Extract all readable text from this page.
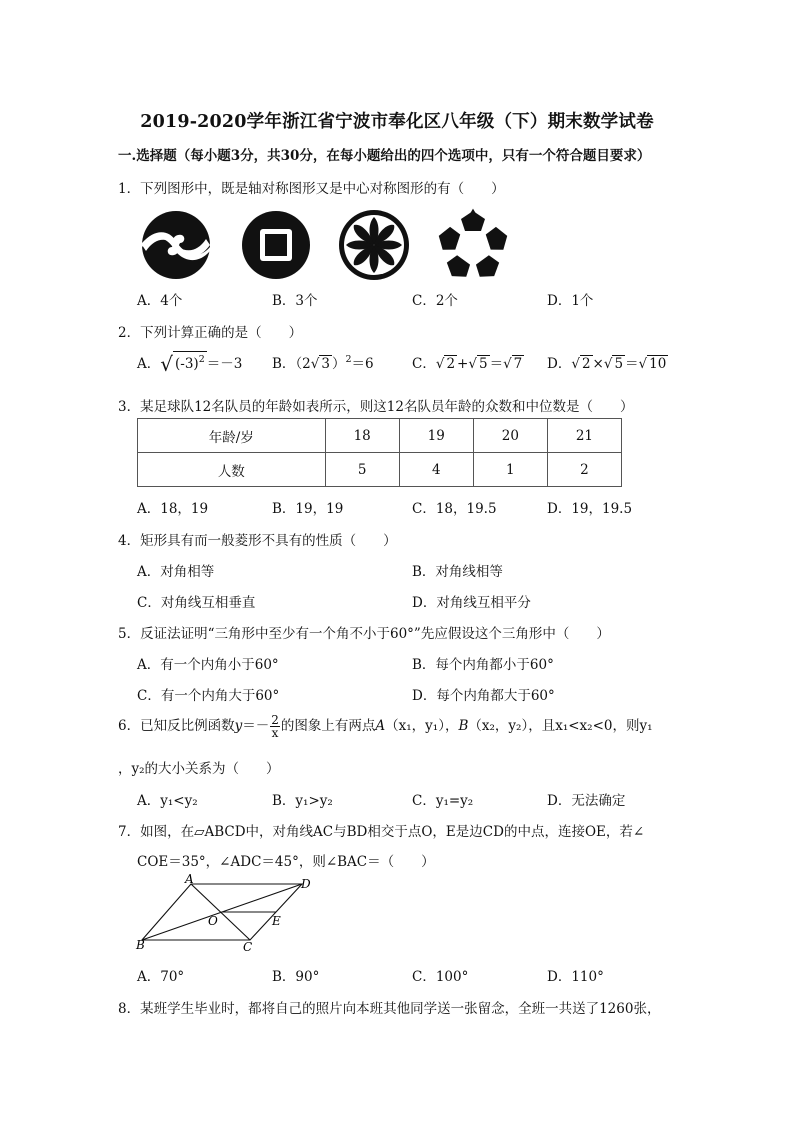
2019-2020学年浙江省宁波市奉化区八年级（下）期末数学试卷
一.选择题（每小题3分，共30分，在每小题给出的四个选项中，只有一个符合题目要求）
1．下列图形中，既是轴对称图形又是中心对称图形的有（　　）
A．4个	B．3个	C．2个	D．1个
2．下列计算正确的是（　　）
A．√ $(-3)^2 =-3$ B．（2√ 3 ）$^2$＝6	C．√ 2 +√ 5 ＝√ 7 D．√ 2 ×√ 5 ＝√ 10
3．某足球队12名队员的年龄如表所示，则这12名队员年龄的众数和中位数是（　　）
年龄/岁	18	19	20	21
人数	5	4	1	2
A．18，19	B．19，19	C．18，19.5	D．19，19.5
4．矩形具有而一般菱形不具有的性质（　　）
A．对角相等	B．对角线相等
C．对角线互相垂直	D．对角线互相平分
5．反证法证明“三角形中至少有一个角不小于60°”先应假设这个三角形中（　　）
A．有一个内角小于60°	B．每个内角都小于60°
C．有一个内角大于60°	D．每个内角都大于60°
6．已知反比例函数$y=- \frac{2}{x}$ 的图象上有两点A（x₁，y₁），B（x₂，y₂），且x₁<x₂<0，则y₁
，y₂的大小关系为（　　）
A．y₁<y₂	B．y₁>y₂	C．y₁=y₂	D．无法确定
7．如图，在▱ABCD中，对角线AC与BD相交于点O，E是边CD的中点，连接OE，若∠
COE＝35°，∠ADC＝45°，则∠BAC＝（　　）
A	D
O	E
B	C
A．70°	B．90°	C．100°	D．110°
8．某班学生毕业时，都将自己的照片向本班其他同学送一张留念，全班一共送了1260张，
